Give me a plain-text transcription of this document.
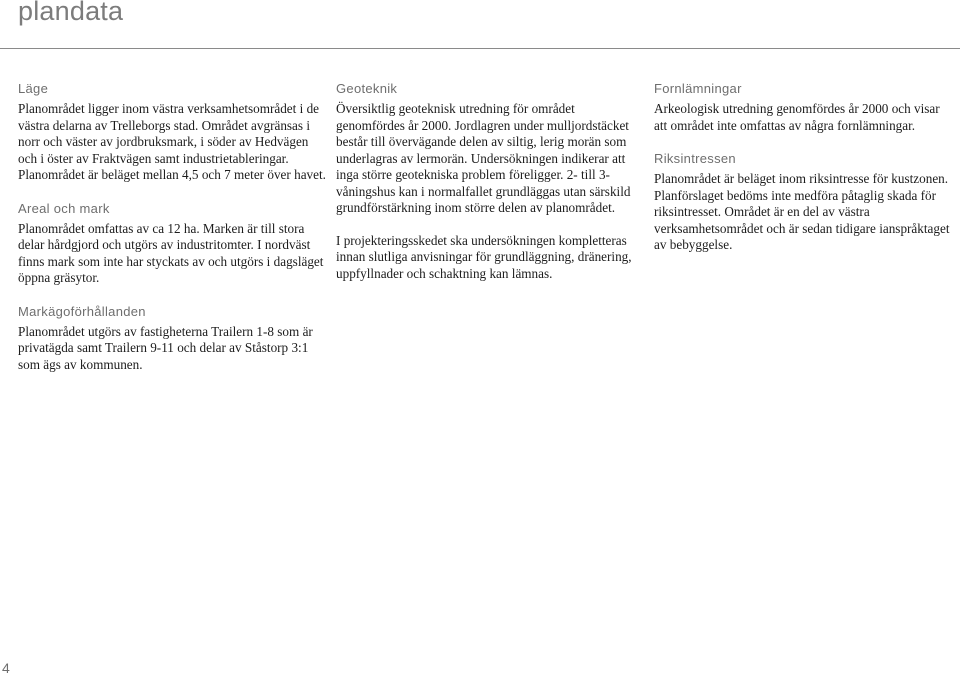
plandata
Läge

Planområdet ligger inom västra verksamhetsområdet i de västra delarna av Trelleborgs stad. Området avgränsas i norr och väster av jordbruksmark, i söder av Hedvägen och i öster av Fraktvägen samt industrietableringar. Planområdet är beläget mellan 4,5 och 7 meter över havet.

Areal och mark

Planområdet omfattas av ca 12 ha. Marken är till stora delar hårdgjord och utgörs av industritomter. I nordväst finns mark som inte har styckats av och utgörs i dagsläget öppna gräsytor.

Markägoförhållanden

Planområdet utgörs av fastigheterna Trailern 1-8 som är privatägda samt Trailern 9-11 och delar av Ståstorp 3:1 som ägs av kommunen.

Geoteknik

Översiktlig geoteknisk utredning för området genomfördes år 2000. Jordlagren under mulljordstäcket består till övervägande delen av siltig, lerig morän som underlagras av lermorän. Undersökningen indikerar att inga större geotekniska problem föreligger. 2- till 3-våningshus kan i normalfallet grundläggas utan särskild grundförstärkning inom större delen av planområdet.

I projekteringsskedet ska undersökningen kompletteras innan slutliga anvisningar för grundläggning, dränering, uppfyllnader och schaktning kan lämnas.

Fornlämningar

Arkeologisk utredning genomfördes år 2000 och visar att området inte omfattas av några fornlämningar.

Riksintressen

Planområdet är beläget inom riksintresse för kustzonen. Planförslaget bedöms inte medföra påtaglig skada för riksintresset. Området är en del av västra verksamhetsområdet och är sedan tidigare ianspråktaget av bebyggelse.

4
